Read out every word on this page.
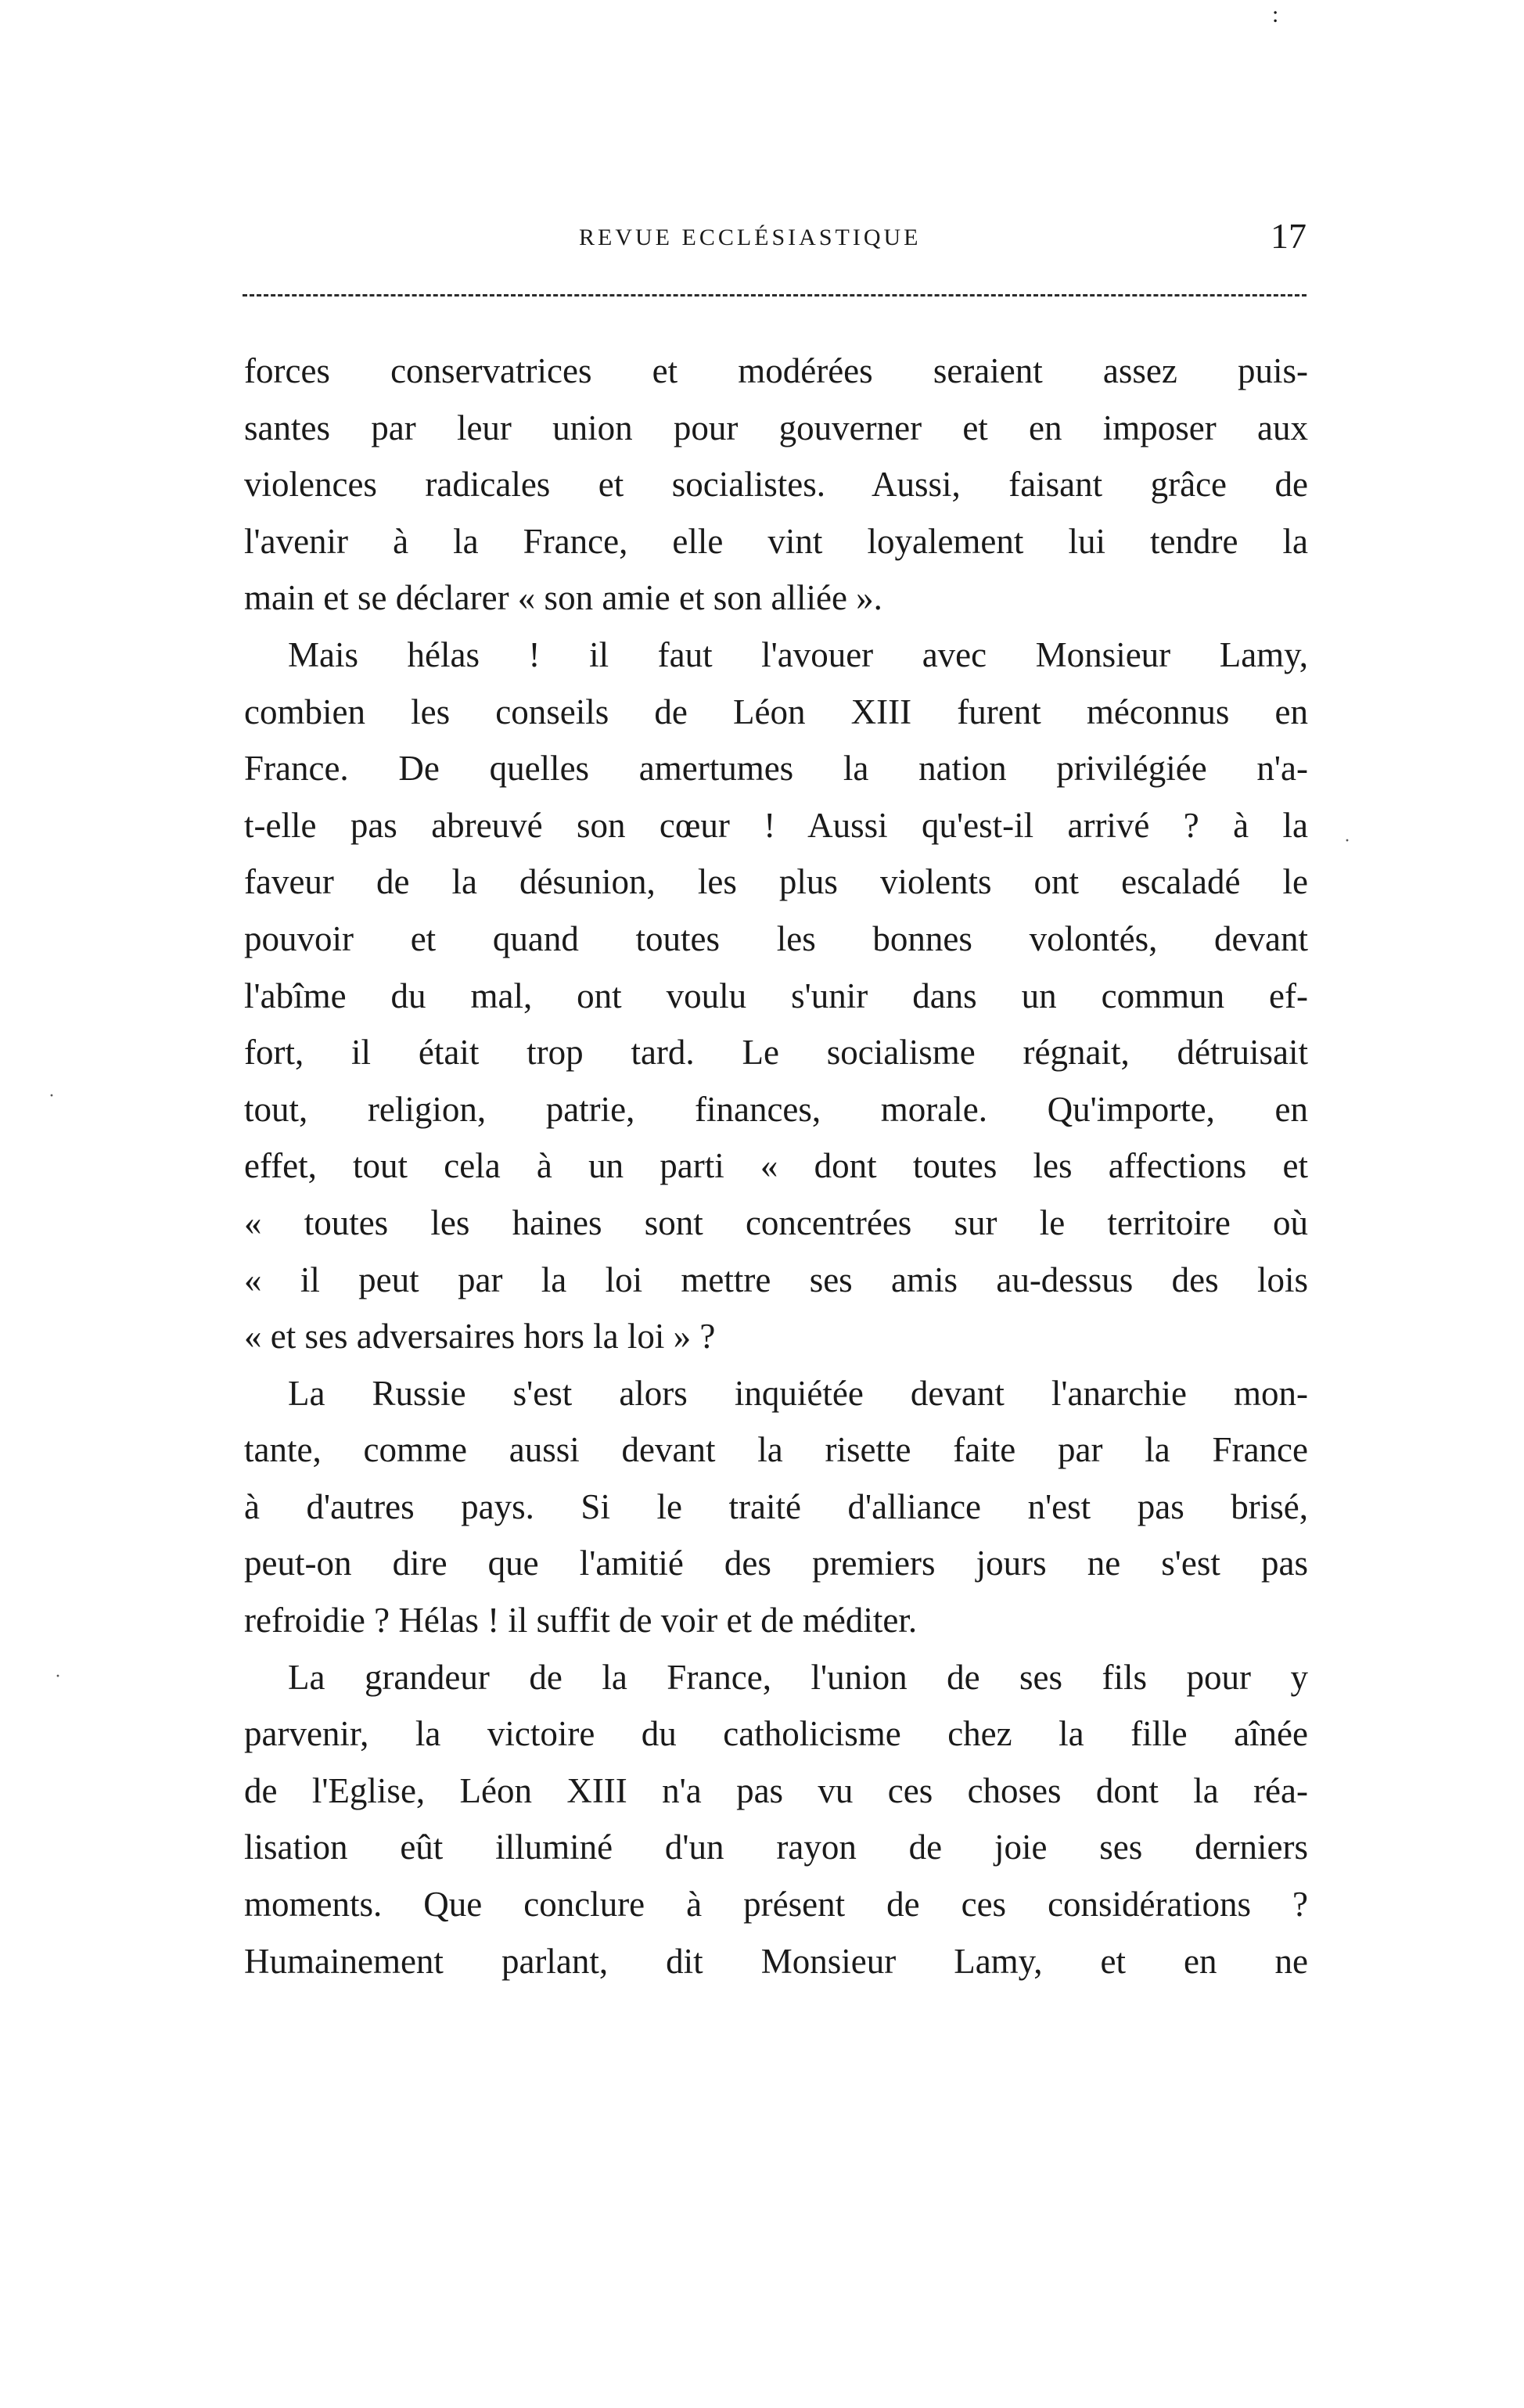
:
REVUE ECCLÉSIASTIQUE	17
forces conservatrices et modérées seraient assez puis-
santes par leur union pour gouverner et en imposer aux
violences radicales et socialistes. Aussi, faisant grâce de
l'avenir à la France, elle vint loyalement lui tendre la
main et se déclarer « son amie et son alliée ».
Mais hélas ! il faut l'avouer avec Monsieur Lamy,
combien les conseils de Léon XIII furent méconnus en
France. De quelles amertumes la nation privilégiée n'a-
t-elle pas abreuvé son cœur ! Aussi qu'est-il arrivé ? à la
faveur de la désunion, les plus violents ont escaladé le
pouvoir et quand toutes les bonnes volontés, devant
l'abîme du mal, ont voulu s'unir dans un commun ef-
fort, il était trop tard. Le socialisme régnait, détruisait
tout, religion, patrie, finances, morale. Qu'importe, en
effet, tout cela à un parti « dont toutes les affections et
« toutes les haines sont concentrées sur le territoire où
« il peut par la loi mettre ses amis au-dessus des lois
« et ses adversaires hors la loi » ?
La Russie s'est alors inquiétée devant l'anarchie mon-
tante, comme aussi devant la risette faite par la France
à d'autres pays. Si le traité d'alliance n'est pas brisé,
peut-on dire que l'amitié des premiers jours ne s'est pas
refroidie ? Hélas ! il suffit de voir et de méditer.
La grandeur de la France, l'union de ses fils pour y
parvenir, la victoire du catholicisme chez la fille aînée
de l'Eglise, Léon XIII n'a pas vu ces choses dont la réa-
lisation eût illuminé d'un rayon de joie ses derniers
moments. Que conclure à présent de ces considérations ?
Humainement parlant, dit Monsieur Lamy, et en ne
·
·
·
